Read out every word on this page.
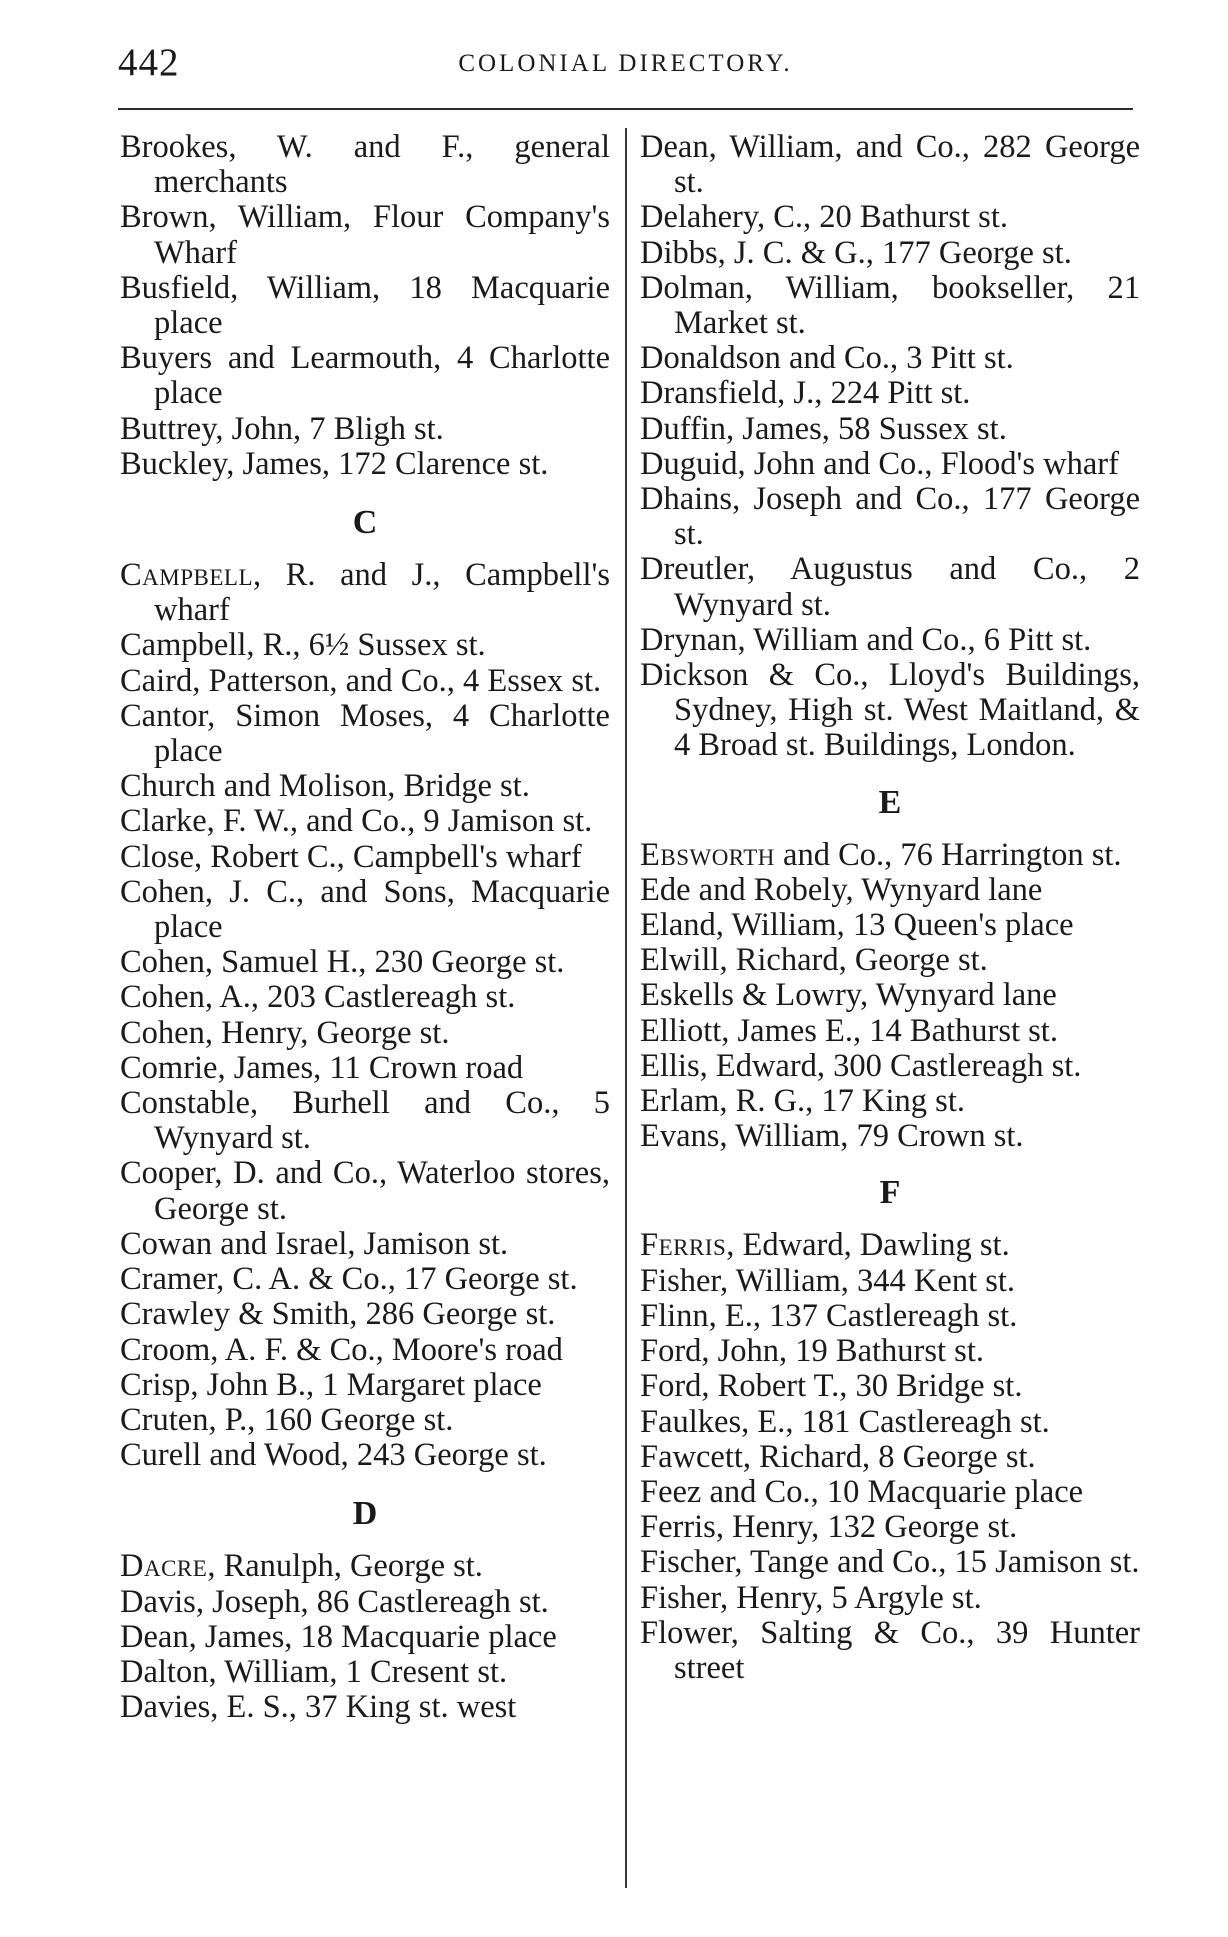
442	COLONIAL DIRECTORY.

Brookes, W. and F., general merchants

Brown, William, Flour Company's Wharf

Busfield, William, 18 Macquarie place

Buyers and Learmouth, 4 Charlotte place

Buttrey, John, 7 Bligh st.

Buckley, James, 172 Clarence st.

C

Campbell, R. and J., Campbell's wharf

Campbell, R., 6½ Sussex st.

Caird, Patterson, and Co., 4 Essex st.

Cantor, Simon Moses, 4 Charlotte place

Church and Molison, Bridge st.

Clarke, F. W., and Co., 9 Jamison st.

Close, Robert C., Campbell's wharf

Cohen, J. C., and Sons, Macquarie place

Cohen, Samuel H., 230 George st.

Cohen, A., 203 Castlereagh st.

Cohen, Henry, George st.

Comrie, James, 11 Crown road

Constable, Burhell and Co., 5 Wynyard st.

Cooper, D. and Co., Waterloo stores, George st.

Cowan and Israel, Jamison st.

Cramer, C. A. & Co., 17 George st.

Crawley & Smith, 286 George st.

Croom, A. F. & Co., Moore's road

Crisp, John B., 1 Margaret place

Cruten, P., 160 George st.

Curell and Wood, 243 George st.

D

Dacre, Ranulph, George st.

Davis, Joseph, 86 Castlereagh st.

Dean, James, 18 Macquarie place

Dalton, William, 1 Cresent st.

Davies, E. S., 37 King st. west

Dean, William, and Co., 282 George st.

Delahery, C., 20 Bathurst st.

Dibbs, J. C. & G., 177 George st.

Dolman, William, bookseller, 21 Market st.

Donaldson and Co., 3 Pitt st.

Dransfield, J., 224 Pitt st.

Duffin, James, 58 Sussex st.

Duguid, John and Co., Flood's wharf

Dhains, Joseph and Co., 177 George st.

Dreutler, Augustus and Co., 2 Wynyard st.

Drynan, William and Co., 6 Pitt st.

Dickson & Co., Lloyd's Buildings, Sydney, High st. West Maitland, & 4 Broad st. Buildings, London.

E

Ebsworth and Co., 76 Harrington st.

Ede and Robely, Wynyard lane

Eland, William, 13 Queen's place

Elwill, Richard, George st.

Eskells & Lowry, Wynyard lane

Elliott, James E., 14 Bathurst st.

Ellis, Edward, 300 Castlereagh st.

Erlam, R. G., 17 King st.

Evans, William, 79 Crown st.

F

Ferris, Edward, Dawling st.

Fisher, William, 344 Kent st.

Flinn, E., 137 Castlereagh st.

Ford, John, 19 Bathurst st.

Ford, Robert T., 30 Bridge st.

Faulkes, E., 181 Castlereagh st.

Fawcett, Richard, 8 George st.

Feez and Co., 10 Macquarie place

Ferris, Henry, 132 George st.

Fischer, Tange and Co., 15 Jamison st.

Fisher, Henry, 5 Argyle st.

Flower, Salting & Co., 39 Hunter street
